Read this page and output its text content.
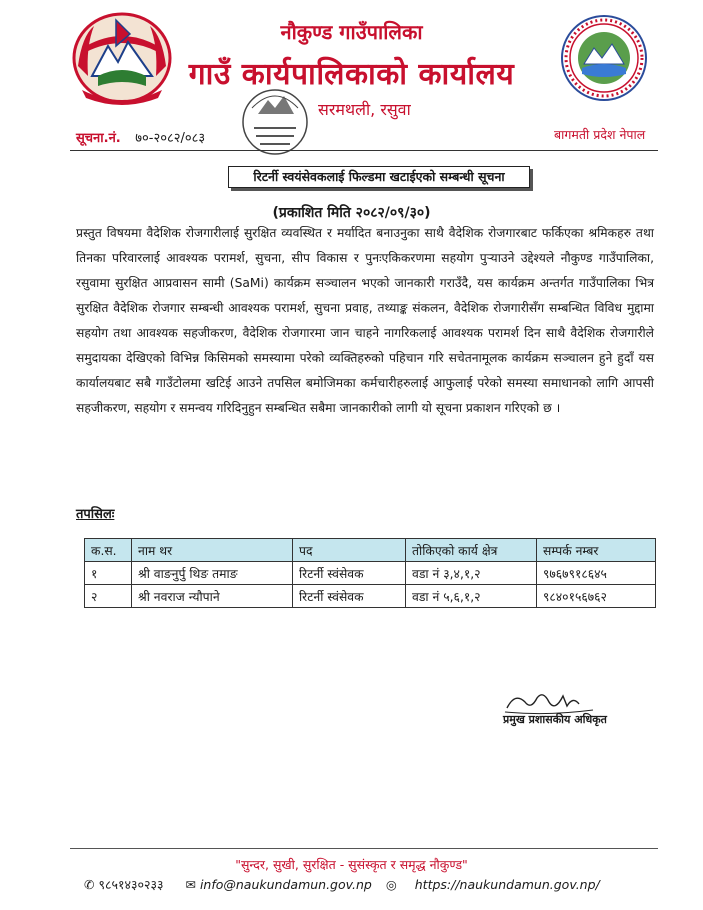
नौकुण्ड गाउँपालिका
गाउँ कार्यपालिकाको कार्यालय
सरमथली, रसुवा
सूचना.नं. ७०-२०८२/०८३	बागमती प्रदेश नेपाल
रिटर्नी स्वयंसेवकलाई फिल्डमा खटाईएको सम्बन्धी सूचना
(प्रकाशित मिति २०८२/०९/३०)
प्रस्तुत विषयमा वैदेशिक रोजगारीलाई सुरक्षित व्यवस्थित र मर्यादित बनाउनुका साथै वैदेशिक रोजगारबाट फर्किएका श्रमिकहरु तथा तिनका परिवारलाई आवश्यक परामर्श, सुचना, सीप विकास र पुनःएकिकरणमा सहयोग पुऱ्याउने उद्देश्यले नौकुण्ड गाउँपालिका, रसुवामा सुरक्षित आप्रवासन सामी (SaMi) कार्यक्रम सञ्चालन भएको जानकारी गराउँदै, यस कार्यक्रम अन्तर्गत गाउँपालिका भित्र सुरक्षित वैदेशिक रोजगार सम्बन्धी आवश्यक परामर्श, सुचना प्रवाह, तथ्याङ्क संकलन, वैदेशिक रोजगारीसँग सम्बन्धित विविध मुद्दामा सहयोग तथा आवश्यक सहजीकरण, वैदेशिक रोजगारमा जान चाहने नागरिकलाई आवश्यक परामर्श दिन साथै वैदेशिक रोजगारीले समुदायका देखिएको विभिन्न किसिमको समस्यामा परेको व्यक्तिहरुको पहिचान गरि सचेतनामूलक कार्यक्रम सञ्चालन हुने हुदाँ यस कार्यालयबाट सबै गाउँटोलमा खटिई आउने तपसिल बमोजिमका कर्मचारीहरुलाई आफुलाई परेको समस्या समाधानको लागि आपसी सहजीकरण, सहयोग र समन्वय गरिदिनुहुन सम्बन्धित सबैमा जानकारीको लागी यो सूचना प्रकाशन गरिएको छ ।
तपसिलः
क.स.	नाम थर	पद	तोकिएको कार्य क्षेत्र	सम्पर्क नम्बर
१	श्री वाङनुर्पु थिङ तमाङ	रिटर्नी स्वंसेवक	वडा नं ३,४,१,२	९७६७९१८६४५
२	श्री नवराज न्यौपाने	रिटर्नी स्वंसेवक	वडा नं ५,६,१,२	९८४०१५६७६२
प्रमुख प्रशासकीय अधिकृत
"सुन्दर, सुखी, सुरक्षित - सुसंस्कृत र समृद्ध नौकुण्ड"
✆ ९८५१४३०२३३ ✉ info@naukundamun.gov.np ◎ https://naukundamun.gov.np/
